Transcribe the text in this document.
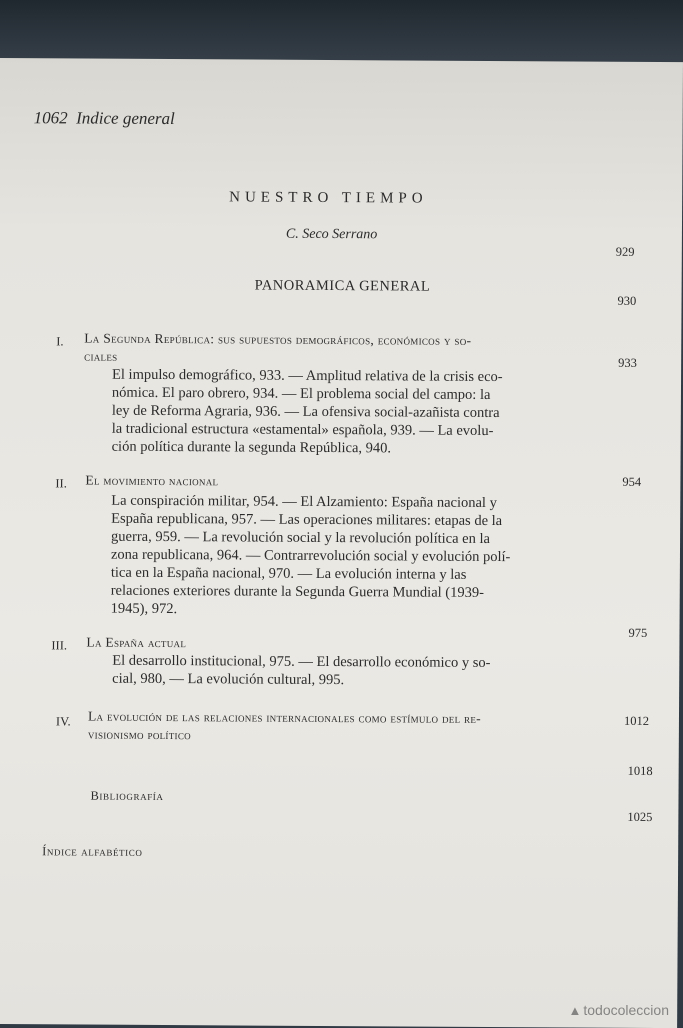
1062 Indice general
NUESTRO TIEMPO
C. Seco Serrano
929
PANORAMICA GENERAL
930
I. La Segunda República: sus supuestos demográficos, económicos y so-
ciales	933
El impulso demográfico, 933. — Amplitud relativa de la crisis eco-
nómica. El paro obrero, 934. — El problema social del campo: la
ley de Reforma Agraria, 936. — La ofensiva social-azañista contra
la tradicional estructura «estamental» española, 939. — La evolu-
ción política durante la segunda República, 940.
II. El movimiento nacional	954
La conspiración militar, 954. — El Alzamiento: España nacional y
España republicana, 957. — Las operaciones militares: etapas de la
guerra, 959. — La revolución social y la revolución política en la
zona republicana, 964. — Contrarrevolución social y evolución polí-
tica en la España nacional, 970. — La evolución interna y las
relaciones exteriores durante la Segunda Guerra Mundial (1939-
1945), 972.
975
III. La España actual
El desarrollo institucional, 975. — El desarrollo económico y so-
cial, 980, — La evolución cultural, 995.
IV. La evolución de las relaciones internacionales como estímulo del re-
visionismo político
1012
1018
Bibliografía
1025
Índice alfabético
▲ todocoleccion
